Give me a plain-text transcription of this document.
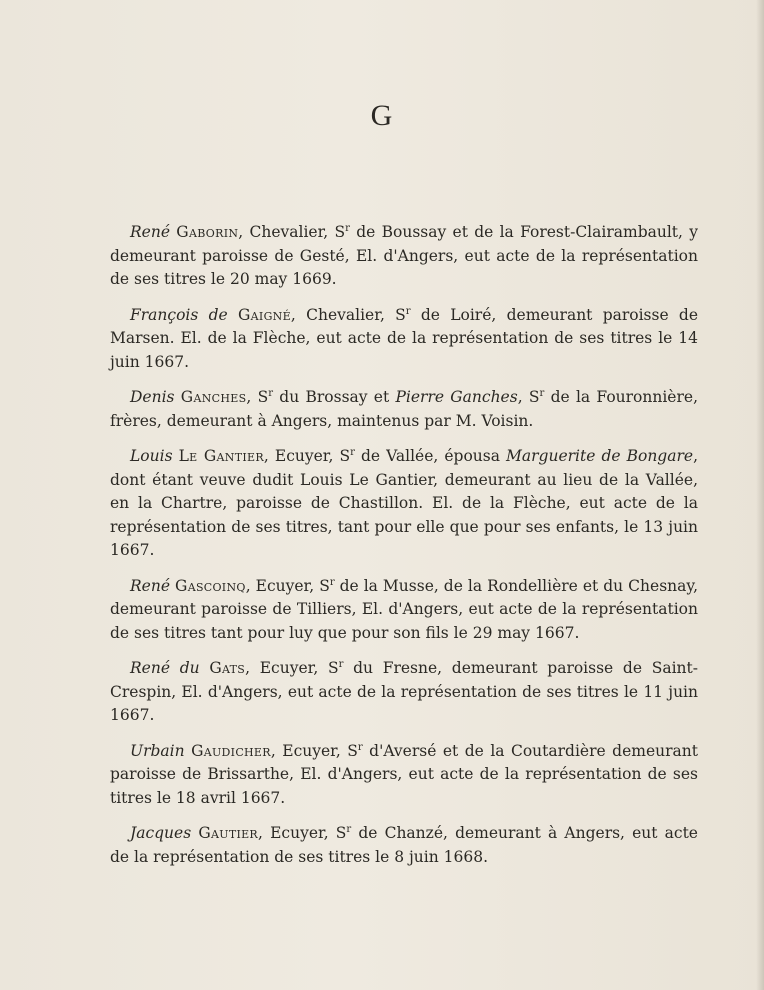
G

René Gaborin, Chevalier, $S^r$ de Boussay et de la Forest-Clairambault, y demeurant paroisse de Gesté, El. d'Angers, eut acte de la représentation de ses titres le 20 may 1669.

François de Gaigné, Chevalier, $S^r$ de Loiré, demeurant paroisse de Marsen. El. de la Flèche, eut acte de la représentation de ses titres le 14 juin 1667.

Denis Ganches, $S^r$ du Brossay et Pierre Ganches, $S^r$ de la Fouronnière, frères, demeurant à Angers, maintenus par M. Voisin.

Louis Le Gantier, Ecuyer, $S^r$ de Vallée, épousa Marguerite de Bongare, dont étant veuve dudit Louis Le Gantier, demeurant au lieu de la Vallée, en la Chartre, paroisse de Chastillon. El. de la Flèche, eut acte de la représentation de ses titres, tant pour elle que pour ses enfants, le 13 juin 1667.

René Gascoinq, Ecuyer, $S^r$ de la Musse, de la Rondellière et du Chesnay, demeurant paroisse de Tilliers, El. d'Angers, eut acte de la représentation de ses titres tant pour luy que pour son fils le 29 may 1667.

René du Gats, Ecuyer, $S^r$ du Fresne, demeurant paroisse de Saint-Crespin, El. d'Angers, eut acte de la représentation de ses titres le 11 juin 1667.

Urbain Gaudicher, Ecuyer, $S^r$ d'Aversé et de la Coutardière demeurant paroisse de Brissarthe, El. d'Angers, eut acte de la représentation de ses titres le 18 avril 1667.

Jacques Gautier, Ecuyer, $S^r$ de Chanzé, demeurant à Angers, eut acte de la représentation de ses titres le 8 juin 1668.
